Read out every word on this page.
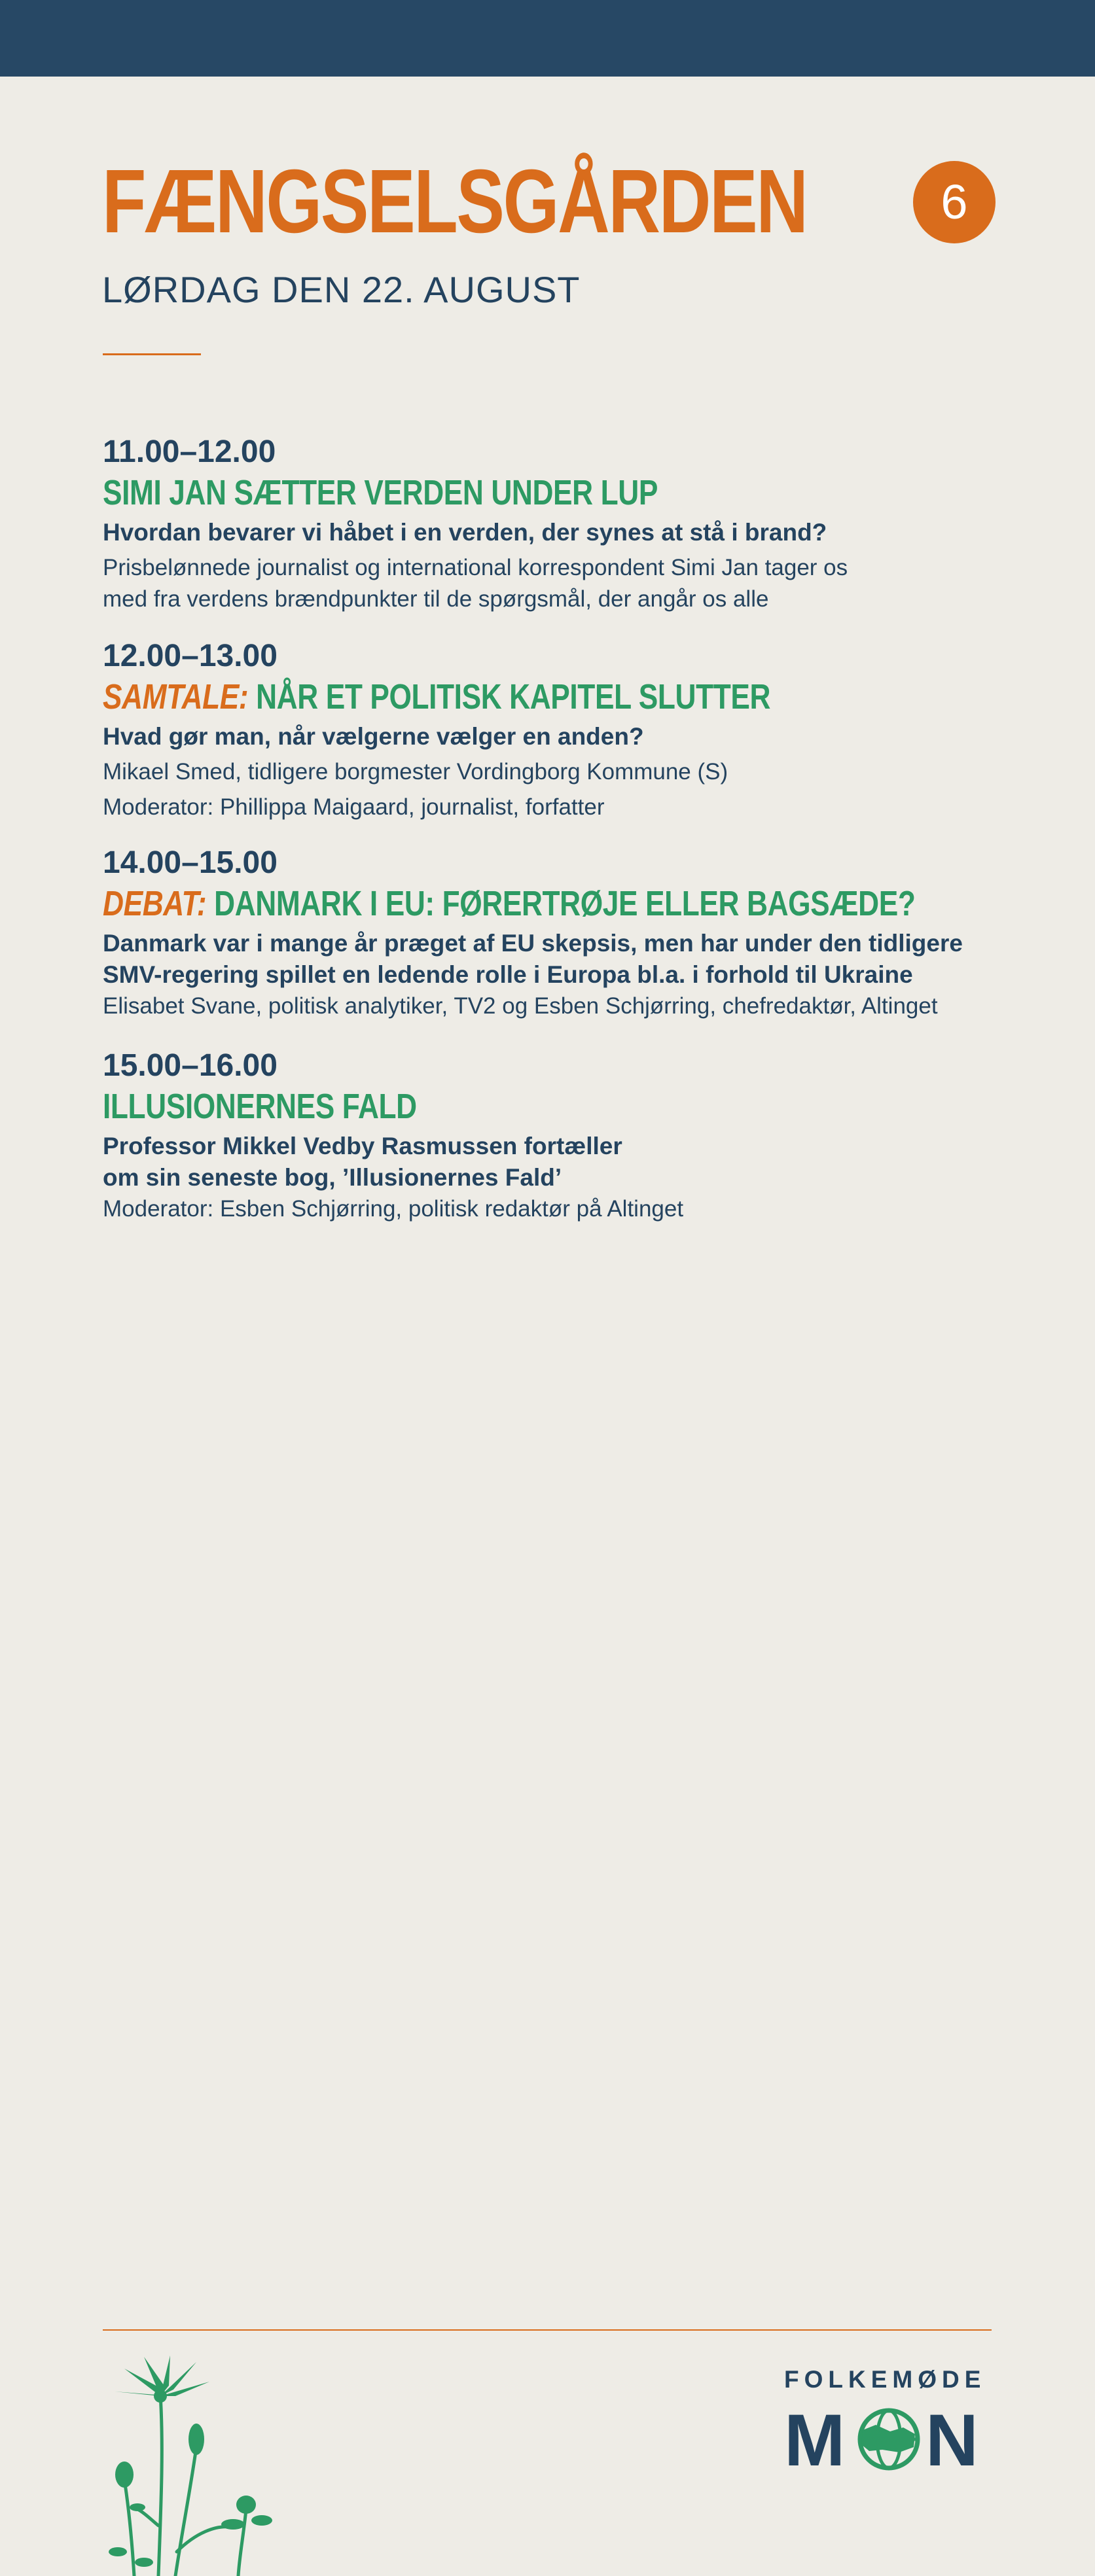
FÆNGSELSGÅRDEN	6
LØRDAG DEN 22. AUGUST
11.00–12.00
SIMI JAN SÆTTER VERDEN UNDER LUP
Hvordan bevarer vi håbet i en verden, der synes at stå i brand?
Prisbelønnede journalist og international korrespondent Simi Jan tager os
med fra verdens brændpunkter til de spørgsmål, der angår os alle
12.00–13.00
SAMTALE: NÅR ET POLITISK KAPITEL SLUTTER
Hvad gør man, når vælgerne vælger en anden?
Mikael Smed, tidligere borgmester Vordingborg Kommune (S)
Moderator: Phillippa Maigaard, journalist, forfatter
14.00–15.00
DEBAT: DANMARK I EU: FØRERTRØJE ELLER BAGSÆDE?
Danmark var i mange år præget af EU skepsis, men har under den tidligere
SMV-regering spillet en ledende rolle i Europa bl.a. i forhold til Ukraine
Elisabet Svane, politisk analytiker, TV2 og Esben Schjørring, chefredaktør, Altinget
15.00–16.00
ILLUSIONERNES FALD
Professor Mikkel Vedby Rasmussen fortæller
om sin seneste bog, ’Illusionernes Fald’
Moderator: Esben Schjørring, politisk redaktør på Altinget
FOLKEMØDE
M N
